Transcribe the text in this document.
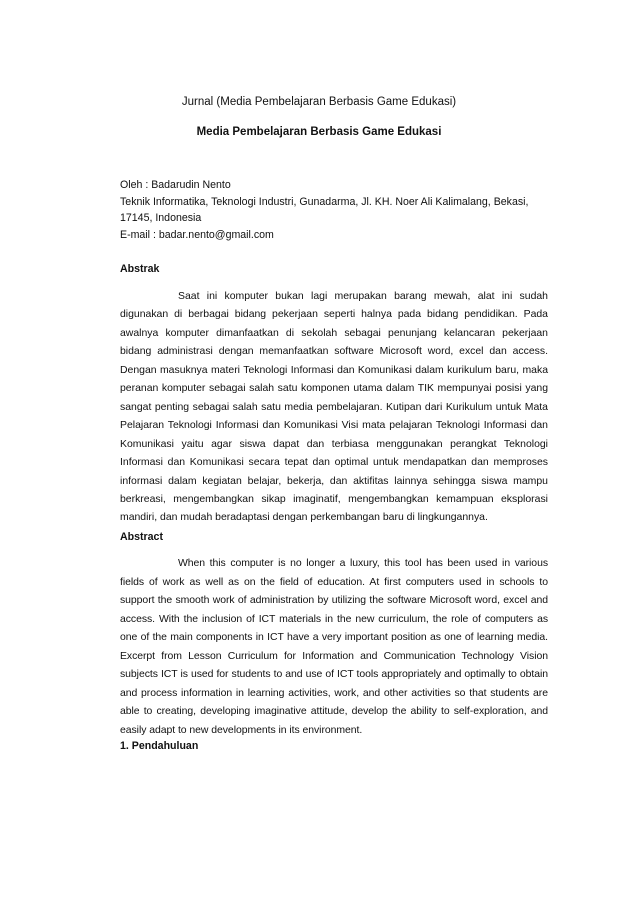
Jurnal (Media Pembelajaran Berbasis Game Edukasi)
Media Pembelajaran Berbasis Game Edukasi
Oleh : Badarudin Nento
Teknik Informatika, Teknologi Industri, Gunadarma, Jl. KH. Noer Ali Kalimalang, Bekasi,
17145, Indonesia
E-mail : badar.nento@gmail.com
Abstrak
Saat ini komputer bukan lagi merupakan barang mewah, alat ini sudah digunakan di berbagai bidang pekerjaan seperti halnya pada bidang pendidikan. Pada awalnya komputer dimanfaatkan di sekolah sebagai penunjang kelancaran pekerjaan bidang administrasi dengan memanfaatkan software Microsoft word, excel dan access. Dengan masuknya materi Teknologi Informasi dan Komunikasi dalam kurikulum baru, maka peranan komputer sebagai salah satu komponen utama dalam TIK mempunyai posisi yang sangat penting sebagai salah satu media pembelajaran. Kutipan dari Kurikulum untuk Mata Pelajaran Teknologi Informasi dan Komunikasi Visi mata pelajaran Teknologi Informasi dan Komunikasi yaitu agar siswa dapat dan terbiasa menggunakan perangkat Teknologi Informasi dan Komunikasi secara tepat dan optimal untuk mendapatkan dan memproses informasi dalam kegiatan belajar, bekerja, dan aktifitas lainnya sehingga siswa mampu berkreasi, mengembangkan sikap imaginatif, mengembangkan kemampuan eksplorasi mandiri, dan mudah beradaptasi dengan perkembangan baru di lingkungannya.
Abstract
When this computer is no longer a luxury, this tool has been used in various fields of work as well as on the field of education. At first computers used in schools to support the smooth work of administration by utilizing the software Microsoft word, excel and access. With the inclusion of ICT materials in the new curriculum, the role of computers as one of the main components in ICT have a very important position as one of learning media. Excerpt from Lesson Curriculum for Information and Communication Technology Vision subjects ICT is used for students to and use of ICT tools appropriately and optimally to obtain and process information in learning activities, work, and other activities so that students are able to creating, developing imaginative attitude, develop the ability to self-exploration, and easily adapt to new developments in its environment.
1. Pendahuluan
